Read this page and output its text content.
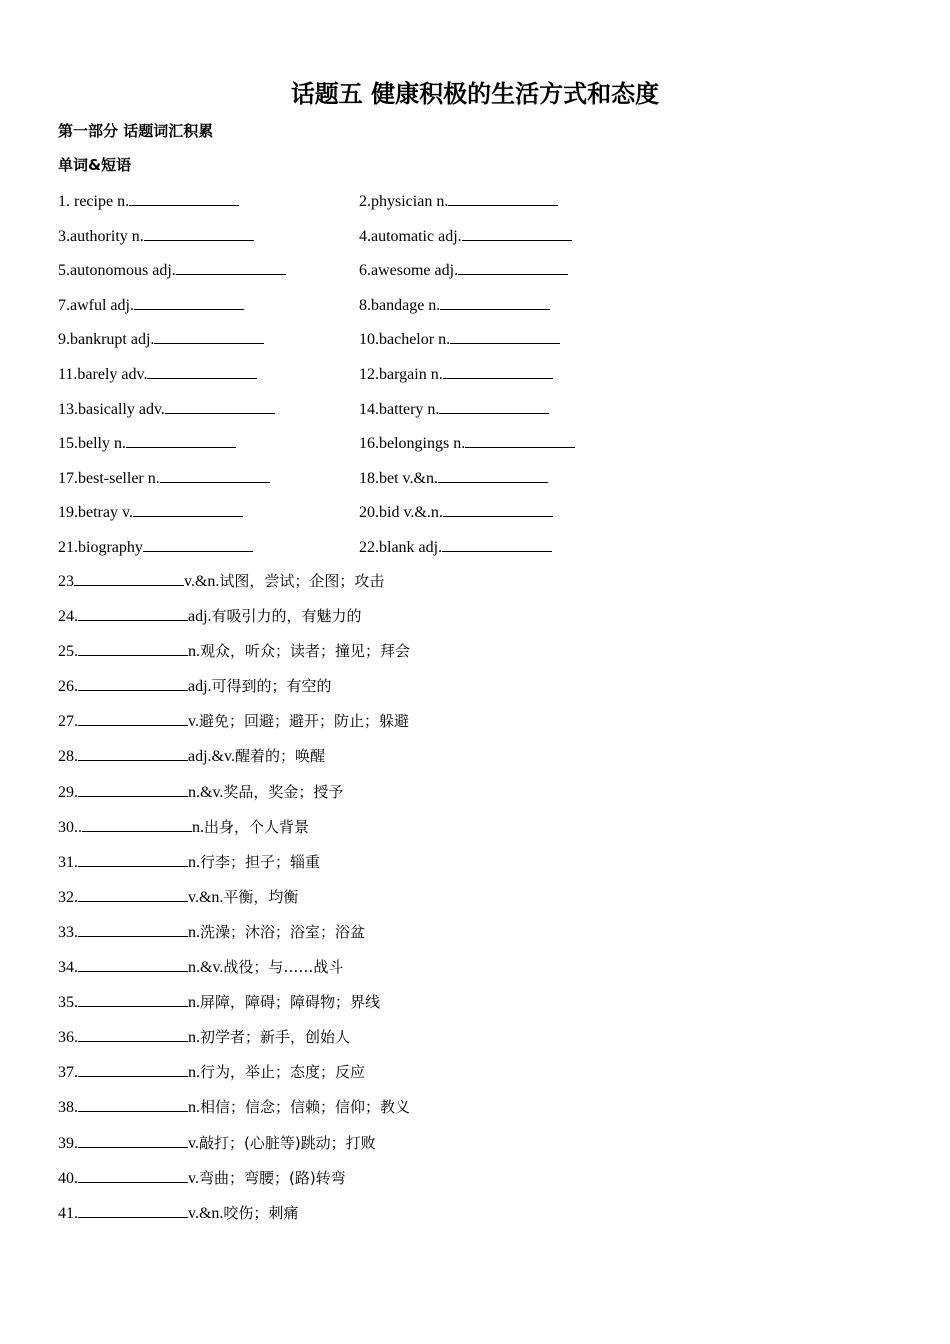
话题五 健康积极的生活方式和态度
第一部分 话题词汇积累
单词&短语
1. recipe n.	2.physician n.
3.authority n.	4.automatic adj.
5.autonomous adj.	6.awesome adj.
7.awful adj.	8.bandage n.
9.bankrupt adj.	10.bachelor n.
11.barely adv.	12.bargain n.
13.basically adv.	14.battery n.
15.belly n.	16.belongings n.
17.best-seller n.	18.bet v.&n.
19.betray v.	20.bid v.&.n.
21.biography	22.blank adj.
23	v.&n.试图，尝试；企图；攻击
24.	adj.有吸引力的，有魅力的
25.	n.观众，听众；读者；撞见；拜会
26.	adj.可得到的；有空的
27.	v.避免；回避；避开；防止；躲避
28.	adj.&v.醒着的；唤醒
29.	n.&v.奖品，奖金；授予
30..	n.出身，个人背景
31.	n.行李；担子；辎重
32.	v.&n.平衡，均衡
33.	n.洗澡；沐浴；浴室；浴盆
34.	n.&v.战役；与……战斗
35.	n.屏障，障碍；障碍物；界线
36.	n.初学者；新手，创始人
37.	n.行为，举止；态度；反应
38.	n.相信；信念；信赖；信仰；教义
39.	v.敲打；(心脏等)跳动；打败
40.	v.弯曲；弯腰；(路)转弯
41.	v.&n.咬伤；刺痛
